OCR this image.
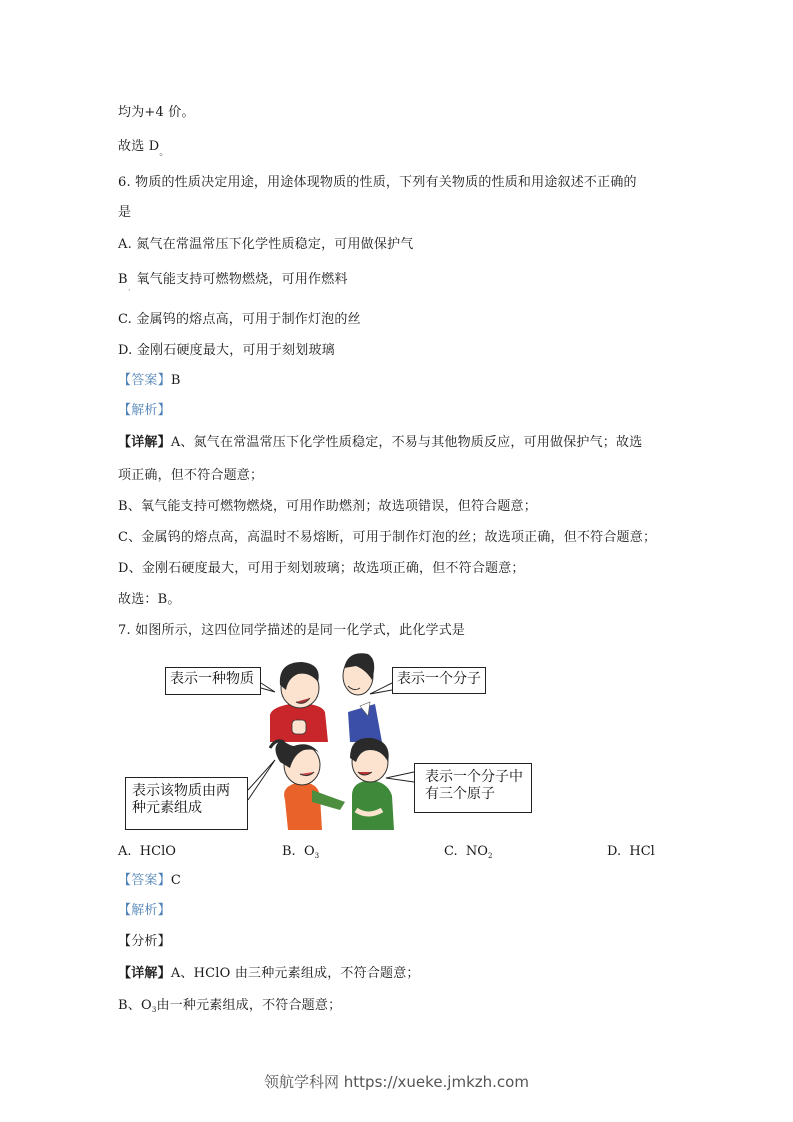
均为+4 价。
故选 $D_。$
6. 物质的性质决定用途，用途体现物质的性质，下列有关物质的性质和用途叙述不正确的
是
A. 氮气在常温常压下化学性质稳定，可用做保护气
B 氧气能支持可燃物燃烧，可用作燃料
·
C. 金属钨的熔点高，可用于制作灯泡的丝
D. 金刚石硬度最大，可用于刻划玻璃
【答案】B
【解析】
【详解】A、氮气在常温常压下化学性质稳定，不易与其他物质反应，可用做保护气；故选
项正确，但不符合题意；
B、氧气能支持可燃物燃烧，可用作助燃剂；故选项错误，但符合题意；
C、金属钨的熔点高，高温时不易熔断，可用于制作灯泡的丝；故选项正确，但不符合题意；
D、金刚石硬度最大，可用于刻划玻璃；故选项正确，但不符合题意；
故选：B。
7. 如图所示，这四位同学描述的是同一化学式，此化学式是
表示一种物质	表示一个分子
表示该物质由两
种元素组成
表示一个分子中
有三个原子
A. HClO	B. $O_3$	C. $NO_2$	D. HCl
【答案】C
【解析】
【分析】
【详解】A、HClO 由三种元素组成，不符合题意；
B、$O_3$由一种元素组成，不符合题意；
领航学科网 https://xueke.jmkzh.com
